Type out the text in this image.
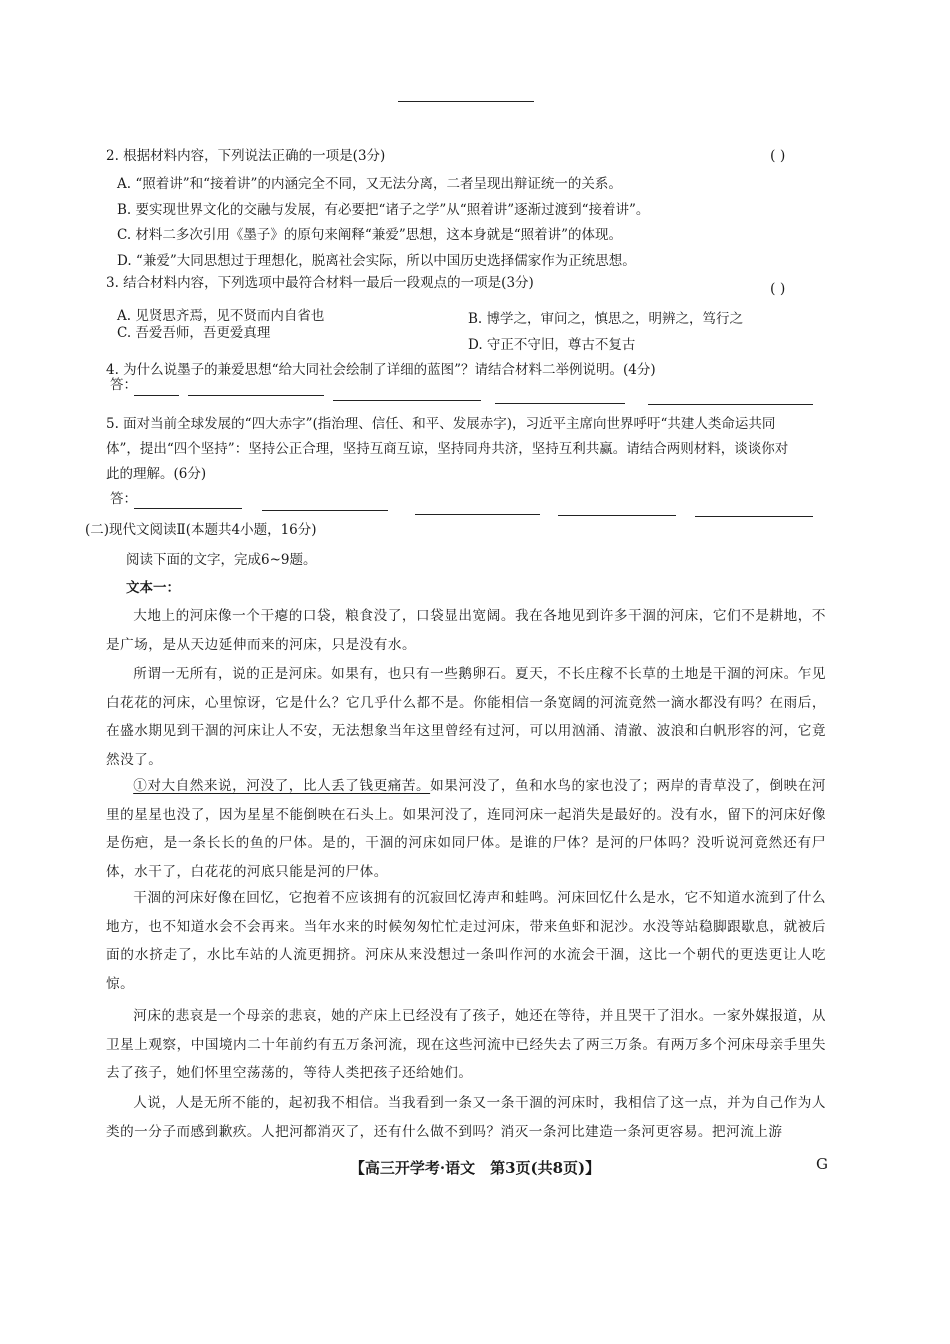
2. 根据材料内容，下列说法正确的一项是(3分)	( )
A. “照着讲”和“接着讲”的内涵完全不同，又无法分离，二者呈现出辩证统一的关系。
B. 要实现世界文化的交融与发展，有必要把“诸子之学”从“照着讲”逐渐过渡到“接着讲”。
C. 材料二多次引用《墨子》的原句来阐释“兼爱”思想，这本身就是“照着讲”的体现。
D. “兼爱”大同思想过于理想化，脱离社会实际，所以中国历史选择儒家作为正统思想。
3. 结合材料内容，下列选项中最符合材料一最后一段观点的一项是(3分)	( )
A. 见贤思齐焉，见不贤而内自省也	B. 博学之，审问之，慎思之，明辨之，笃行之
C. 吾爱吾师，吾更爱真理
D. 守正不守旧，尊古不复古
4. 为什么说墨子的兼爱思想“给大同社会绘制了详细的蓝图”？请结合材料二举例说明。(4分)
答：
5. 面对当前全球发展的“四大赤字”(指治理、信任、和平、发展赤字)，习近平主席向世界呼吁“共建人类命运共同
体”，提出“四个坚持”：坚持公正合理，坚持互商互谅，坚持同舟共济，坚持互利共赢。请结合两则材料，谈谈你对
此的理解。(6分)
答：
(二)现代文阅读Ⅱ(本题共4小题，16分)
阅读下面的文字，完成6~9题。
文本一：
大地上的河床像一个干瘪的口袋，粮食没了，口袋显出宽阔。我在各地见到许多干涸的河床，它们不是耕地，不是广场，是从天边延伸而来的河床，只是没有水。
所谓一无所有，说的正是河床。如果有，也只有一些鹅卵石。夏天，不长庄稼不长草的土地是干涸的河床。乍见白花花的河床，心里惊讶，它是什么？它几乎什么都不是。你能相信一条宽阔的河流竟然一滴水都没有吗？在雨后，在盛水期见到干涸的河床让人不安，无法想象当年这里曾经有过河，可以用汹涌、清澈、波浪和白帆形容的河，它竟然没了。
①对大自然来说，河没了，比人丢了钱更痛苦。如果河没了，鱼和水鸟的家也没了；两岸的青草没了，倒映在河里的星星也没了，因为星星不能倒映在石头上。如果河没了，连同河床一起消失是最好的。没有水，留下的河床好像是伤疤，是一条长长的鱼的尸体。是的，干涸的河床如同尸体。是谁的尸体？是河的尸体吗？没听说河竟然还有尸体，水干了，白花花的河底只能是河的尸体。
干涸的河床好像在回忆，它抱着不应该拥有的沉寂回忆涛声和蛙鸣。河床回忆什么是水，它不知道水流到了什么地方，也不知道水会不会再来。当年水来的时候匆匆忙忙走过河床，带来鱼虾和泥沙。水没等站稳脚跟歇息，就被后面的水挤走了，水比车站的人流更拥挤。河床从来没想过一条叫作河的水流会干涸，这比一个朝代的更迭更让人吃惊。
河床的悲哀是一个母亲的悲哀，她的产床上已经没有了孩子，她还在等待，并且哭干了泪水。一家外媒报道，从卫星上观察，中国境内二十年前约有五万条河流，现在这些河流中已经失去了两三万条。有两万多个河床母亲手里失去了孩子，她们怀里空荡荡的，等待人类把孩子还给她们。
人说，人是无所不能的，起初我不相信。当我看到一条又一条干涸的河床时，我相信了这一点，并为自己作为人类的一分子而感到歉疚。人把河都消灭了，还有什么做不到吗？消灭一条河比建造一条河更容易。把河流上游
【高三开学考·语文　第3页(共8页)】	G
